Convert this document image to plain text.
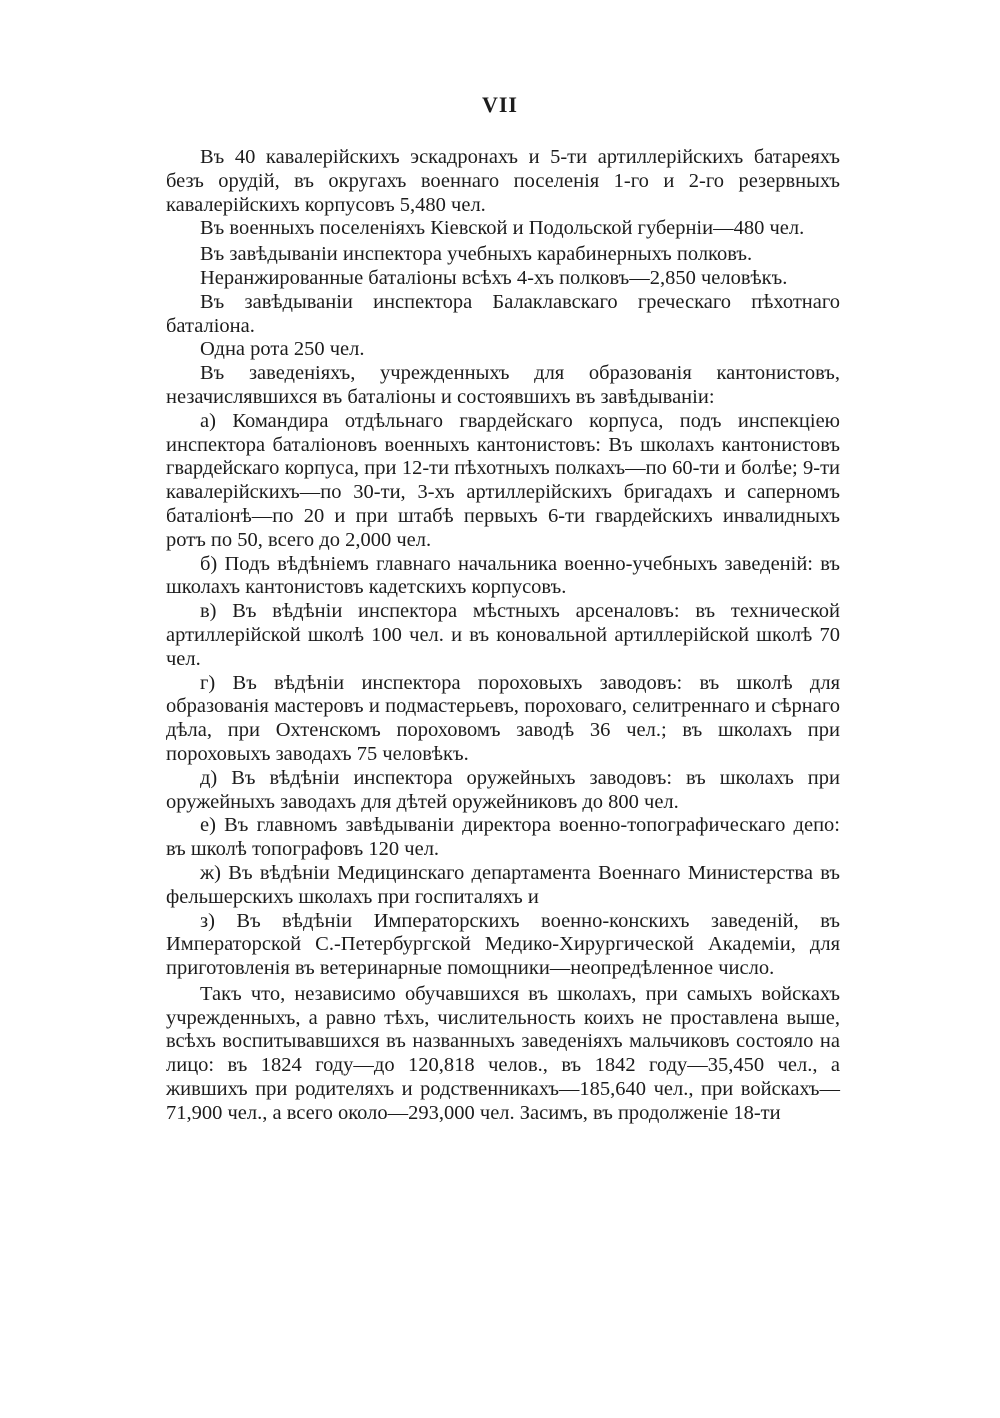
VII

Въ 40 кавалерійскихъ эскадронахъ и 5-ти артиллерійскихъ батареяхъ безъ орудій, въ округахъ военнаго поселенія 1-го и 2-го резервныхъ кавалерійскихъ корпусовъ 5,480 чел.

Въ военныхъ поселеніяхъ Кіевской и Подольской губерніи—480 чел.

Въ завѣдываніи инспектора учебныхъ карабинерныхъ полковъ.

Неранжированные баталіоны всѣхъ 4-хъ полковъ—2,850 человѣкъ.

Въ завѣдываніи инспектора Балаклавскаго греческаго пѣхотнаго баталіона.

Одна рота 250 чел.

Въ заведеніяхъ, учрежденныхъ для образованія кантонистовъ, незачислявшихся въ баталіоны и состоявшихъ въ завѣдываніи:

а) Командира отдѣльнаго гвардейскаго корпуса, подъ инспекціею инспектора баталіоновъ военныхъ кантонистовъ: Въ школахъ кантонистовъ гвардейскаго корпуса, при 12-ти пѣхотныхъ полкахъ—по 60-ти и болѣе; 9-ти кавалерійскихъ—по 30-ти, 3-хъ артиллерійскихъ бригадахъ и саперномъ баталіонѣ—по 20 и при штабѣ первыхъ 6-ти гвардейскихъ инвалидныхъ ротъ по 50, всего до 2,000 чел.

б) Подъ вѣдѣніемъ главнаго начальника военно-учебныхъ заведеній: въ школахъ кантонистовъ кадетскихъ корпусовъ.

в) Въ вѣдѣніи инспектора мѣстныхъ арсеналовъ: въ технической артиллерійской школѣ 100 чел. и въ коновальной артиллерійской школѣ 70 чел.

г) Въ вѣдѣніи инспектора пороховыхъ заводовъ: въ школѣ для образованія мастеровъ и подмастерьевъ, пороховаго, селитреннаго и сѣрнаго дѣла, при Охтенскомъ пороховомъ заводѣ 36 чел.; въ школахъ при пороховыхъ заводахъ 75 человѣкъ.

д) Въ вѣдѣніи инспектора оружейныхъ заводовъ: въ школахъ при оружейныхъ заводахъ для дѣтей оружейниковъ до 800 чел.

е) Въ главномъ завѣдываніи директора военно-топографическаго депо: въ школѣ топографовъ 120 чел.

ж) Въ вѣдѣніи Медицинскаго департамента Военнаго Министерства въ фельшерскихъ школахъ при госпиталяхъ и

з) Въ вѣдѣніи Императорскихъ военно-конскихъ заведеній, въ Императорской С.-Петербургской Медико-Хирургической Академіи, для приготовленія въ ветеринарные помощники—неопредѣленное число.

Такъ что, независимо обучавшихся въ школахъ, при самыхъ войскахъ учрежденныхъ, а равно тѣхъ, числительность коихъ не проставлена выше, всѣхъ воспитывавшихся въ названныхъ заведеніяхъ мальчиковъ состояло на лицо: въ 1824 году—до 120,818 челов., въ 1842 году—35,450 чел., а жившихъ при родителяхъ и родственникахъ—185,640 чел., при войскахъ—71,900 чел., а всего около—293,000 чел. Засимъ, въ продолженіе 18-ти
